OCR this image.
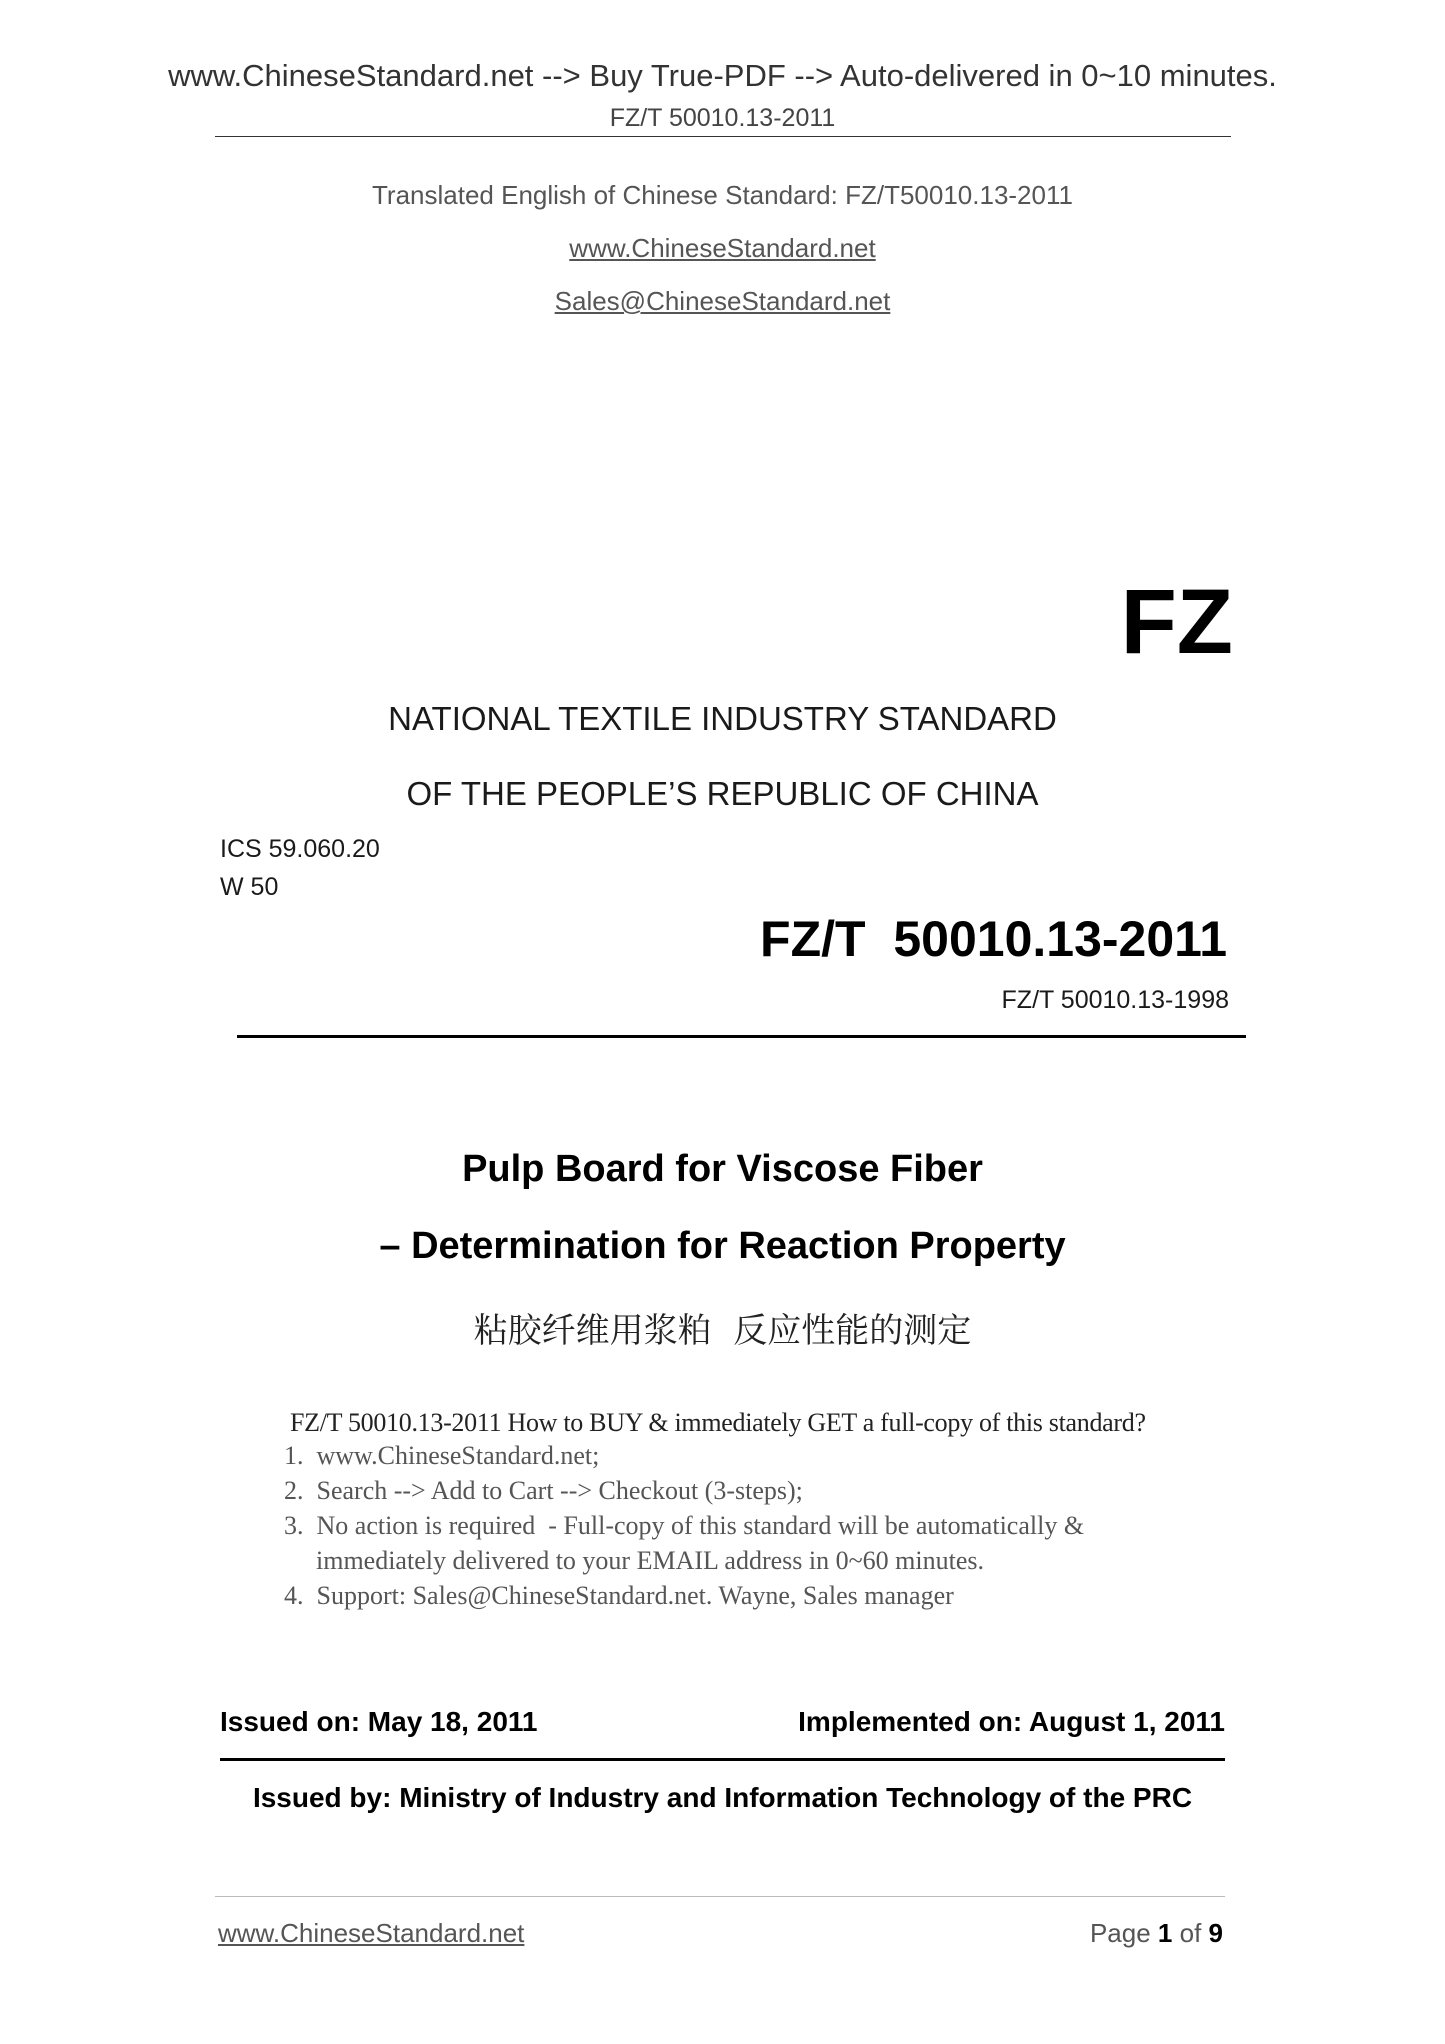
www.ChineseStandard.net --> Buy True-PDF --> Auto-delivered in 0~10 minutes.
FZ/T 50010.13-2011
Translated English of Chinese Standard: FZ/T50010.13-2011
www.ChineseStandard.net
Sales@ChineseStandard.net
FZ
NATIONAL TEXTILE INDUSTRY STANDARD
OF THE PEOPLE’S REPUBLIC OF CHINA
ICS 59.060.20
W 50
FZ/T  50010.13-2011
FZ/T 50010.13-1998
Pulp Board for Viscose Fiber
– Determination for Reaction Property
粘胶纤维用浆粕  反应性能的测定
FZ/T 50010.13-2011 How to BUY & immediately GET a full-copy of this standard?
1.  www.ChineseStandard.net;
2.  Search --> Add to Cart --> Checkout (3-steps);
3.  No action is required  - Full-copy of this standard will be automatically &
immediately delivered to your EMAIL address in 0~60 minutes.
4.  Support: Sales@ChineseStandard.net. Wayne, Sales manager
Issued on: May 18, 2011	Implemented on: August 1, 2011
Issued by: Ministry of Industry and Information Technology of the PRC
www.ChineseStandard.net	Page 1 of 9
